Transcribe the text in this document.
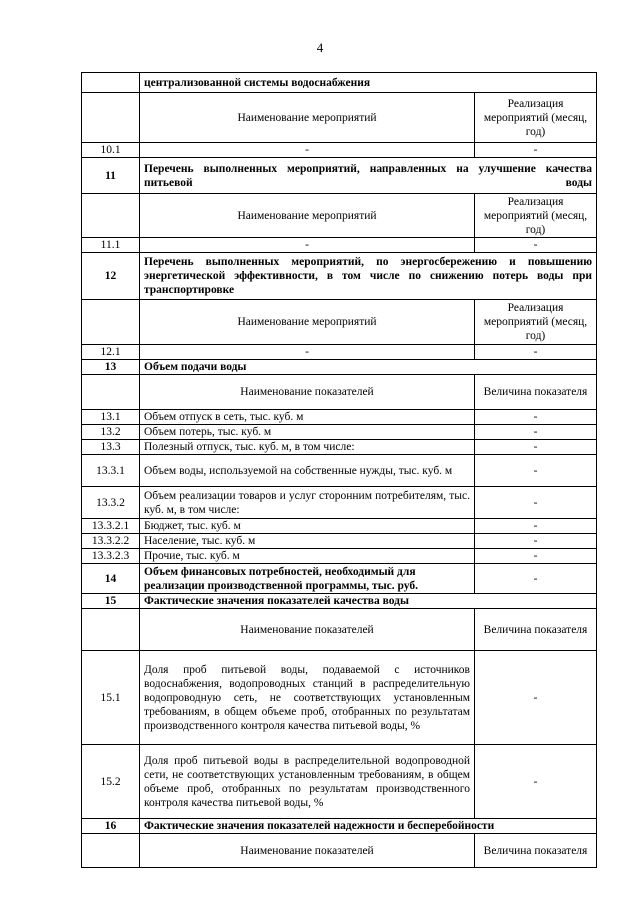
4
	централизованной системы водоснабжения	
	Наименование мероприятий	Реализация мероприятий (месяц, год)
10.1	-	-
11	Перечень выполненных мероприятий, направленных на улучшение качества питьевой воды	
	Наименование мероприятий	Реализация мероприятий (месяц, год)
11.1	-	-
12	Перечень выполненных мероприятий, по энергосбережению и повышению энергетической эффективности, в том числе по снижению потерь воды при транспортировке	
	Наименование мероприятий	Реализация мероприятий (месяц, год)
12.1	-	-
13	Объем подачи воды	
	Наименование показателей	Величина показателя
13.1	Объем отпуск в сеть, тыс. куб. м	-
13.2	Объем потерь, тыс. куб. м	-
13.3	Полезный отпуск, тыс. куб. м, в том числе:	-
13.3.1	Объем воды, используемой на собственные нужды, тыс. куб. м	-
13.3.2	Объем реализации товаров и услуг сторонним потребителям, тыс. куб. м, в том числе:	-
13.3.2.1	Бюджет, тыс. куб. м	-
13.3.2.2	Население, тыс. куб. м	-
13.3.2.3	Прочие, тыс. куб. м	-
14	Объем финансовых потребностей, необходимый для реализации производственной программы, тыс. руб.	-
15	Фактические значения показателей качества воды	
	Наименование показателей	Величина показателя
15.1	Доля проб питьевой воды, подаваемой с источников водоснабжения, водопроводных станций в распределительную водопроводную сеть, не соответствующих установленным требованиям, в общем объеме проб, отобранных по результатам производственного контроля качества питьевой воды, %	-
15.2	Доля проб питьевой воды в распределительной водопроводной сети, не соответствующих установленным требованиям, в общем объеме проб, отобранных по результатам производственного контроля качества питьевой воды, %	-
16	Фактические значения показателей надежности и бесперебойности	
	Наименование показателей	Величина показателя
